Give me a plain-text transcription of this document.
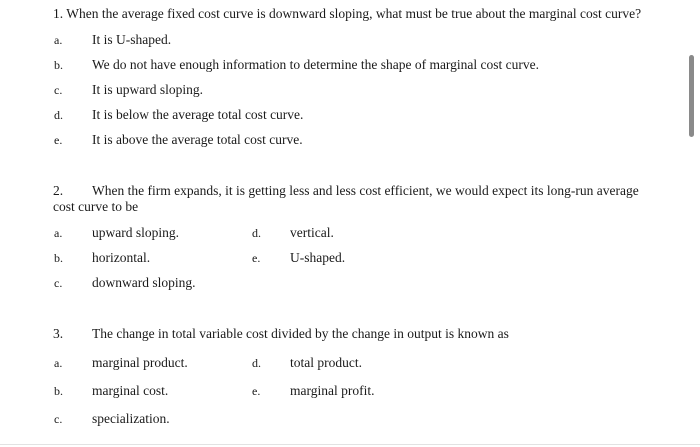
1. When the average fixed cost curve is downward sloping, what must be true about the marginal cost curve?
a. It is U-shaped.
b. We do not have enough information to determine the shape of marginal cost curve.
c. It is upward sloping.
d. It is below the average total cost curve.
e. It is above the average total cost curve.
2. When the firm expands, it is getting less and less cost efficient, we would expect its long-run average
cost curve to be
a. upward sloping.
b. horizontal.
c. downward sloping.
d. vertical.
e. U-shaped.
3. The change in total variable cost divided by the change in output is known as
a. marginal product.
b. marginal cost.
c. specialization.
d. total product.
e. marginal profit.
